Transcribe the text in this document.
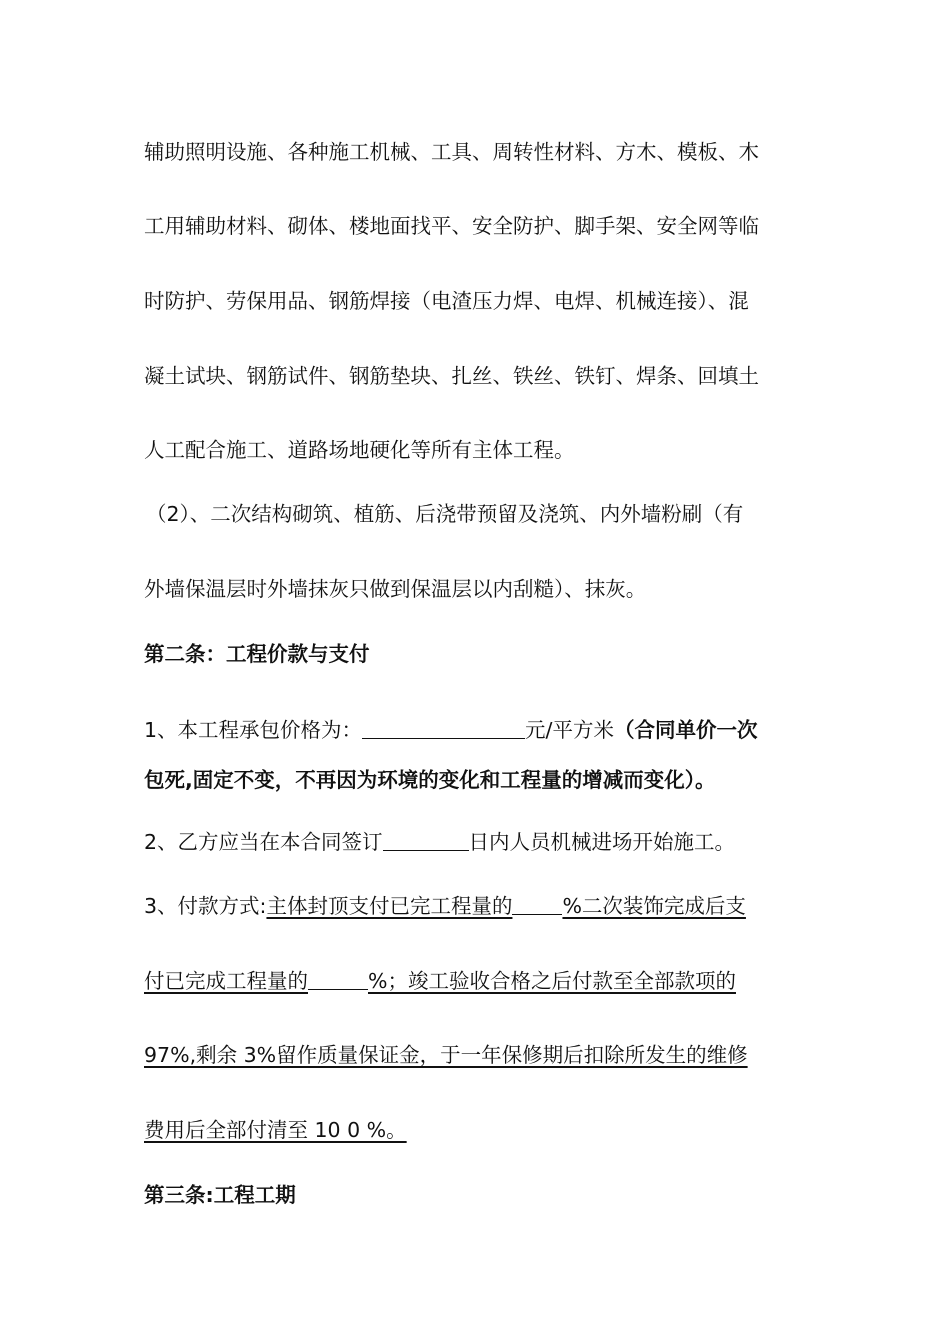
辅助照明设施、各种施工机械、工具、周转性材料、方木、模板、木
工用辅助材料、砌体、楼地面找平、安全防护、脚手架、安全网等临
时防护、劳保用品、钢筋焊接（电渣压力焊、电焊、机械连接）、混
凝土试块、钢筋试件、钢筋垫块、扎丝、铁丝、铁钉、焊条、回填土
人工配合施工、道路场地硬化等所有主体工程。
（2）、二次结构砌筑、植筋、后浇带预留及浇筑、内外墙粉刷（有
外墙保温层时外墙抹灰只做到保温层以内刮糙）、抹灰。
第二条：工程价款与支付
1、本工程承包价格为：	元/平方米（合同单价一次
包死,固定不变，不再因为环境的变化和工程量的增减而变化）。
2、乙方应当在本合同签订	日内人员机械进场开始施工。
3、付款方式:主体封顶支付已完工程量的 %二次装饰完成后支
付已完成工程量的	%；竣工验收合格之后付款至全部款项的
97%,剩余 3%留作质量保证金，于一年保修期后扣除所发生的维修
费用后全部付清至 10 0 %。
第三条:工程工期
